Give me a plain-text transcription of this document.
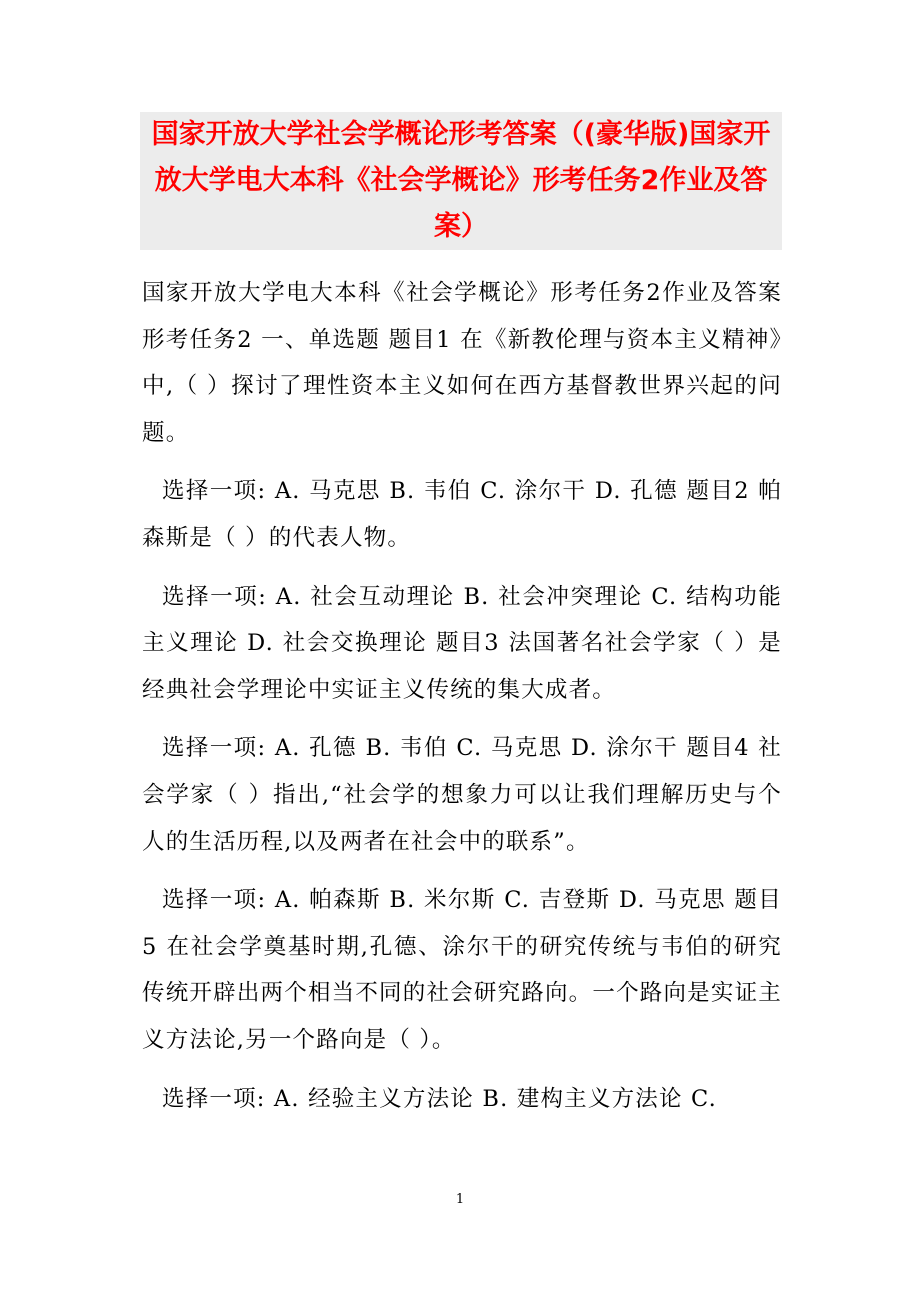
国家开放大学社会学概论形考答案（(豪华版)国家开放大学电大本科《社会学概论》形考任务2作业及答案）

国家开放大学电大本科《社会学概论》形考任务2作业及答案 形考任务2 一、单选题 题目1 在《新教伦理与资本主义精神》中,（ ）探讨了理性资本主义如何在西方基督教世界兴起的问题。

选择一项: A. 马克思 B. 韦伯 C. 涂尔干 D. 孔德 题目2 帕森斯是（ ）的代表人物。

选择一项: A. 社会互动理论 B. 社会冲突理论 C. 结构功能主义理论 D. 社会交换理论 题目3 法国著名社会学家（ ）是经典社会学理论中实证主义传统的集大成者。

选择一项: A. 孔德 B. 韦伯 C. 马克思 D. 涂尔干 题目4 社会学家（ ）指出,“社会学的想象力可以让我们理解历史与个人的生活历程,以及两者在社会中的联系”。

选择一项: A. 帕森斯 B. 米尔斯 C. 吉登斯 D. 马克思 题目5 在社会学奠基时期,孔德、涂尔干的研究传统与韦伯的研究传统开辟出两个相当不同的社会研究路向。一个路向是实证主义方法论,另一个路向是（ ）。

选择一项: A. 经验主义方法论 B. 建构主义方法论 C.

1
